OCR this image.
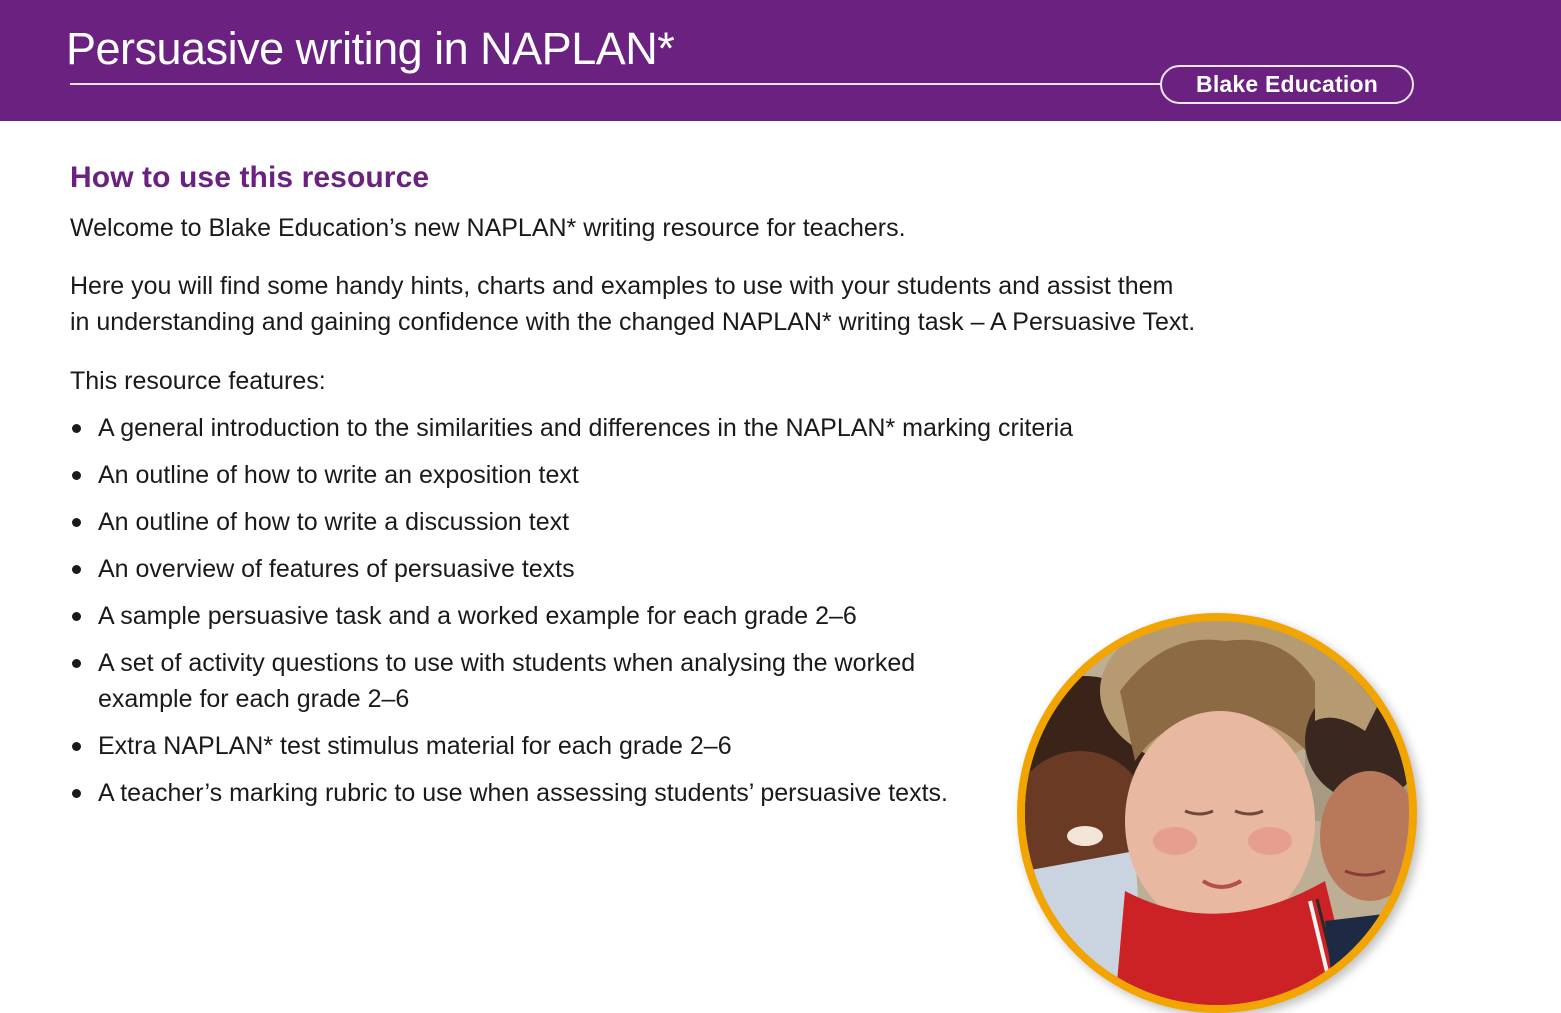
Persuasive writing in NAPLAN*
Blake Education
How to use this resource

Welcome to Blake Education’s new NAPLAN* writing resource for teachers.

Here you will find some handy hints, charts and examples to use with your students and assist them
in understanding and gaining confidence with the changed NAPLAN* writing task – A Persuasive Text.

This resource features:

A general introduction to the similarities and differences in the NAPLAN* marking criteria
An outline of how to write an exposition text
An outline of how to write a discussion text
An overview of features of persuasive texts
A sample persuasive task and a worked example for each grade 2–6
A set of activity questions to use with students when analysing the worked
example for each grade 2–6
Extra NAPLAN* test stimulus material for each grade 2–6
A teacher’s marking rubric to use when assessing students’ persuasive texts.
